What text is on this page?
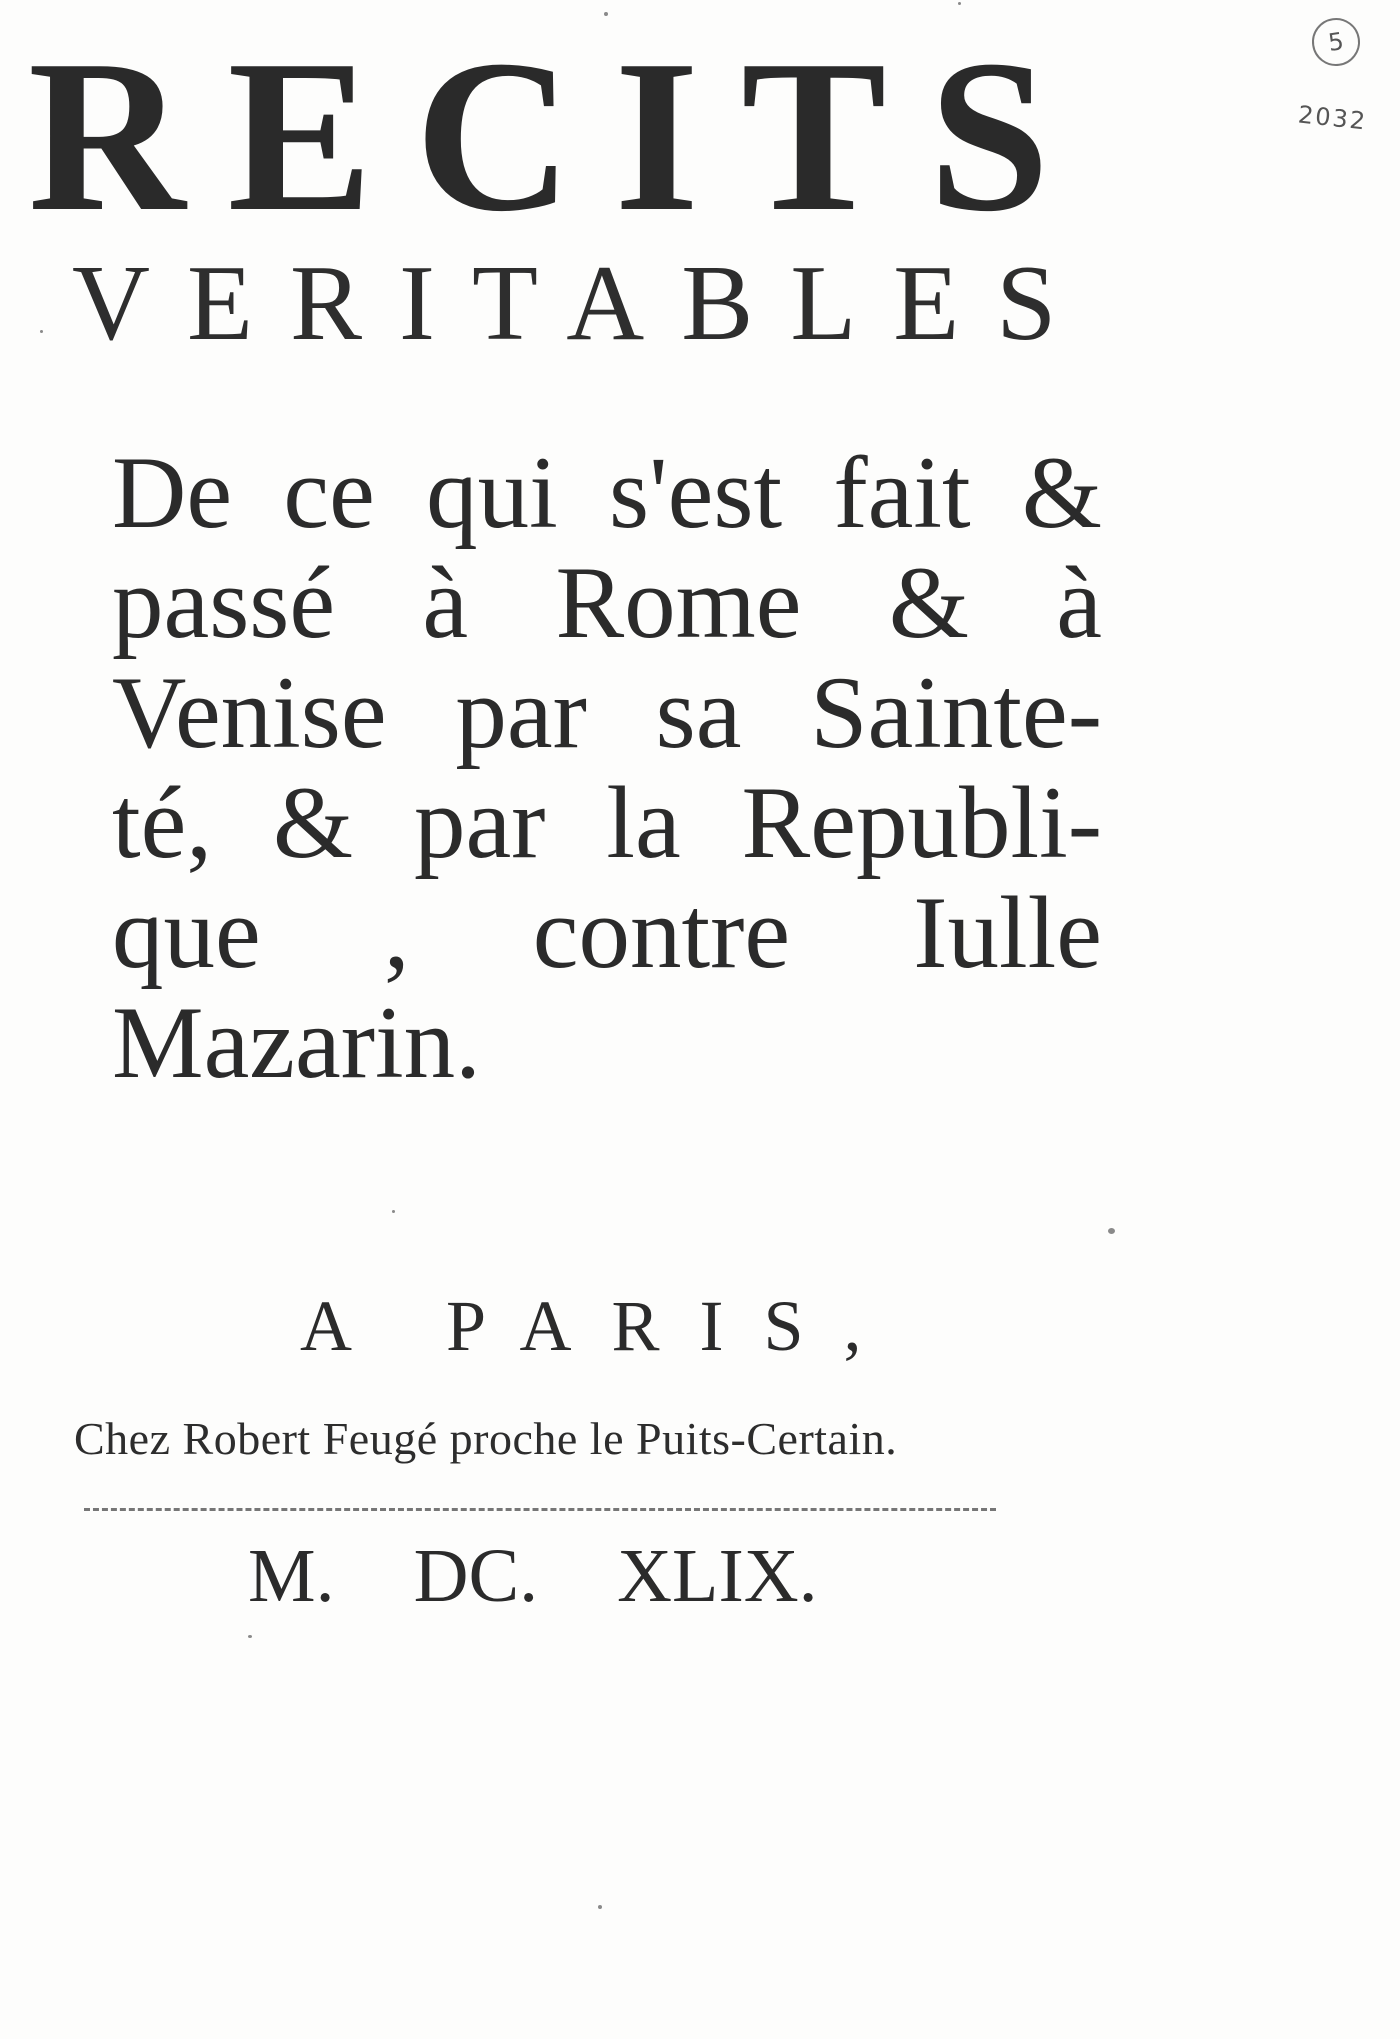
RECITS
VERITABLES
De ce qui s'est fait &
passé à Rome & à
Venise par sa Sainte-
té, & par la Republi-
que , contre Iulle
Mazarin.
A PARIS,
Chez Robert Feugé proche le Puits-Certain.
M. DC. XLIX.
5
2032
